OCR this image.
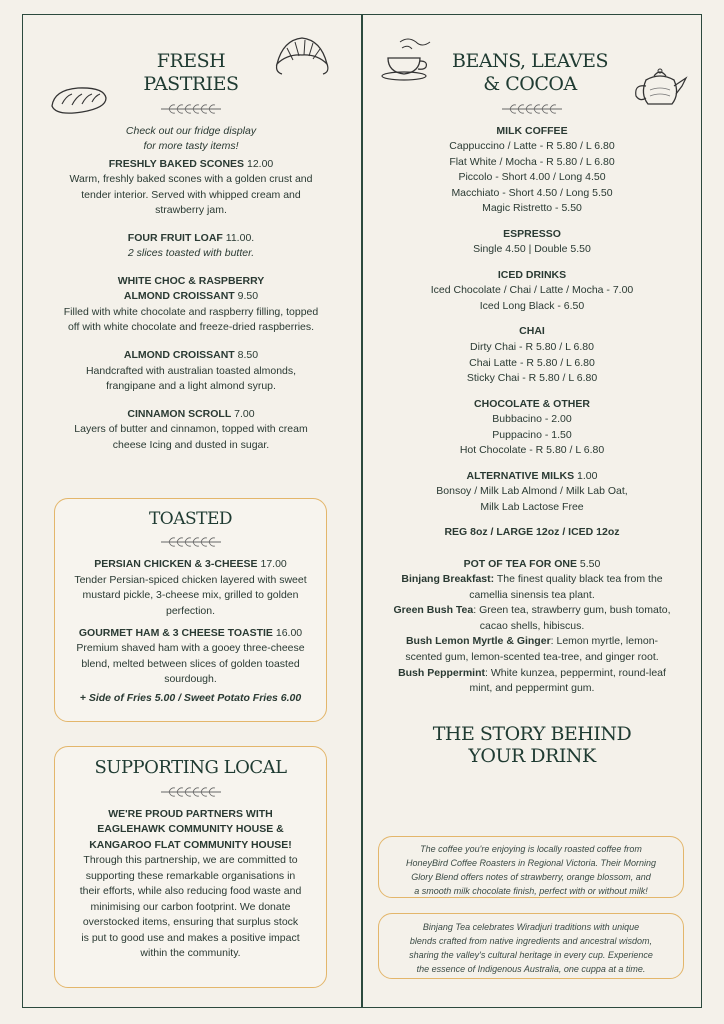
FRESH
PASTRIES
Check out our fridge display
for more tasty items!
FRESHLY BAKED SCONES 12.00
Warm, freshly baked scones with a golden crust and
tender interior. Served with whipped cream and
strawberry jam.
FOUR FRUIT LOAF 11.00.
2 slices toasted with butter.
WHITE CHOC & RASPBERRY
ALMOND CROISSANT 9.50
Filled with white chocolate and raspberry filling, topped
off with white chocolate and freeze-dried raspberries.
ALMOND CROISSANT 8.50
Handcrafted with australian toasted almonds,
frangipane and a light almond syrup.
CINNAMON SCROLL 7.00
Layers of butter and cinnamon, topped with cream
cheese Icing and dusted in sugar.
TOASTED
PERSIAN CHICKEN & 3-CHEESE 17.00
Tender Persian-spiced chicken layered with sweet
mustard pickle, 3-cheese mix, grilled to golden
perfection.
GOURMET HAM & 3 CHEESE TOASTIE 16.00
Premium shaved ham with a gooey three-cheese
blend, melted between slices of golden toasted
sourdough.
+ Side of Fries 5.00 / Sweet Potato Fries 6.00
SUPPORTING LOCAL
WE'RE PROUD PARTNERS WITH
EAGLEHAWK COMMUNITY HOUSE &
KANGAROO FLAT COMMUNITY HOUSE!
Through this partnership, we are committed to
supporting these remarkable organisations in
their efforts, while also reducing food waste and
minimising our carbon footprint. We donate
overstocked items, ensuring that surplus stock
is put to good use and makes a positive impact
within the community.
BEANS, LEAVES
& COCOA
MILK COFFEE
Cappuccino / Latte - R 5.80 / L 6.80
Flat White / Mocha - R 5.80 / L 6.80
Piccolo - Short 4.00 / Long 4.50
Macchiato - Short 4.50 / Long 5.50
Magic Ristretto - 5.50
ESPRESSO
Single 4.50 | Double 5.50
ICED DRINKS
Iced Chocolate / Chai / Latte / Mocha - 7.00
Iced Long Black - 6.50
CHAI
Dirty Chai - R 5.80 / L 6.80
Chai Latte - R 5.80 / L 6.80
Sticky Chai - R 5.80 / L 6.80
CHOCOLATE & OTHER
Bubbacino - 2.00
Puppacino - 1.50
Hot Chocolate - R 5.80 / L 6.80
ALTERNATIVE MILKS 1.00
Bonsoy / Milk Lab Almond / Milk Lab Oat,
Milk Lab Lactose Free
REG 8oz / LARGE 12oz / ICED 12oz
POT OF TEA FOR ONE 5.50
Binjang Breakfast: The finest quality black tea from the
camellia sinensis tea plant.
Green Bush Tea: Green tea, strawberry gum, bush tomato,
cacao shells, hibiscus.
Bush Lemon Myrtle & Ginger: Lemon myrtle, lemon-
scented gum, lemon-scented tea-tree, and ginger root.
Bush Peppermint: White kunzea, peppermint, round-leaf
mint, and peppermint gum.
THE STORY BEHIND
YOUR DRINK
The coffee you're enjoying is locally roasted coffee from
HoneyBird Coffee Roasters in Regional Victoria. Their Morning
Glory Blend offers notes of strawberry, orange blossom, and
a smooth milk chocolate finish, perfect with or without milk!
Binjang Tea celebrates Wiradjuri traditions with unique
blends crafted from native ingredients and ancestral wisdom,
sharing the valley's cultural heritage in every cup. Experience
the essence of Indigenous Australia, one cuppa at a time.
